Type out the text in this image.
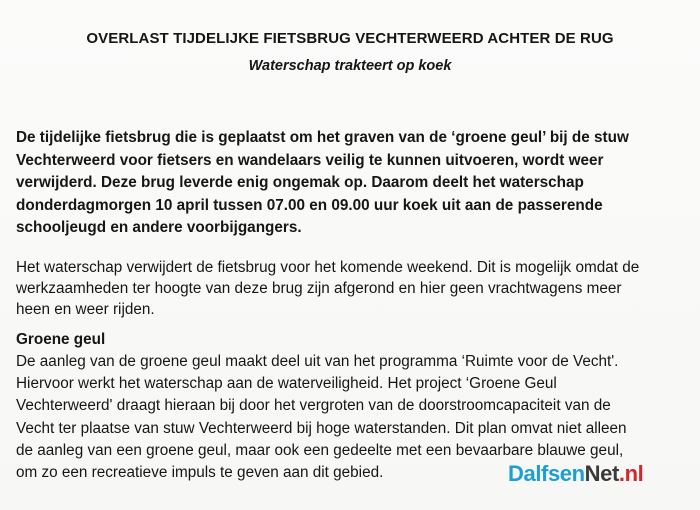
OVERLAST TIJDELIJKE FIETSBRUG VECHTERWEERD ACHTER DE RUG
Waterschap trakteert op koek

De tijdelijke fietsbrug die is geplaatst om het graven van de ‘groene geul’ bij de stuw
Vechterweerd voor fietsers en wandelaars veilig te kunnen uitvoeren, wordt weer
verwijderd. Deze brug leverde enig ongemak op. Daarom deelt het waterschap
donderdagmorgen 10 april tussen 07.00 en 09.00 uur koek uit aan de passerende
schooljeugd en andere voorbijgangers.

Het waterschap verwijdert de fietsbrug voor het komende weekend. Dit is mogelijk omdat de
werkzaamheden ter hoogte van deze brug zijn afgerond en hier geen vrachtwagens meer
heen en weer rijden.

Groene geul

De aanleg van de groene geul maakt deel uit van het programma ‘Ruimte voor de Vecht'.
Hiervoor werkt het waterschap aan de waterveiligheid. Het project ‘Groene Geul
Vechterweerd' draagt hieraan bij door het vergroten van de doorstroomcapaciteit van de
Vecht ter plaatse van stuw Vechterweerd bij hoge waterstanden. Dit plan omvat niet alleen
de aanleg van een groene geul, maar ook een gedeelte met een bevaarbare blauwe geul,
om zo een recreatieve impuls te geven aan dit gebied.	DalfsenNet.nl
